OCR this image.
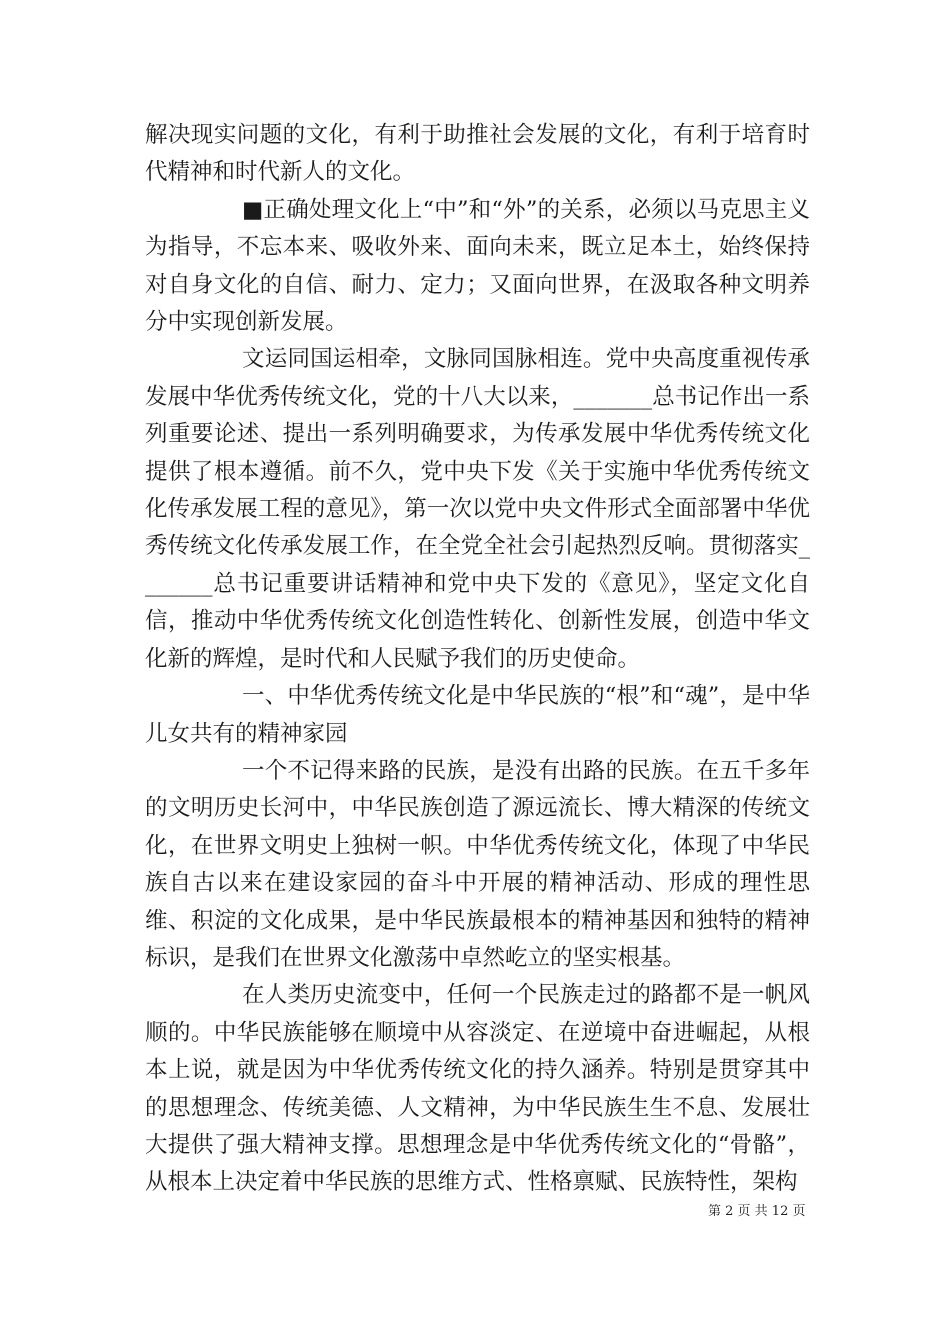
解决现实问题的文化，有利于助推社会发展的文化，有利于培育时代精神和时代新人的文化。

■正确处理文化上“中”和“外”的关系，必须以马克思主义为指导，不忘本来、吸收外来、面向未来，既立足本土，始终保持对自身文化的自信、耐力、定力；又面向世界，在汲取各种文明养分中实现创新发展。

文运同国运相牵，文脉同国脉相连。党中央高度重视传承发展中华优秀传统文化，党的十八大以来，_______总书记作出一系列重要论述、提出一系列明确要求，为传承发展中华优秀传统文化提供了根本遵循。前不久，党中央下发《关于实施中华优秀传统文化传承发展工程的意见》，第一次以党中央文件形式全面部署中华优秀传统文化传承发展工作，在全党全社会引起热烈反响。贯彻落实_______总书记重要讲话精神和党中央下发的《意见》，坚定文化自信，推动中华优秀传统文化创造性转化、创新性发展，创造中华文化新的辉煌，是时代和人民赋予我们的历史使命。

一、中华优秀传统文化是中华民族的“根”和“魂”，是中华儿女共有的精神家园

一个不记得来路的民族，是没有出路的民族。在五千多年的文明历史长河中，中华民族创造了源远流长、博大精深的传统文化，在世界文明史上独树一帜。中华优秀传统文化，体现了中华民族自古以来在建设家园的奋斗中开展的精神活动、形成的理性思维、积淀的文化成果，是中华民族最根本的精神基因和独特的精神标识，是我们在世界文化激荡中卓然屹立的坚实根基。

在人类历史流变中，任何一个民族走过的路都不是一帆风顺的。中华民族能够在顺境中从容淡定、在逆境中奋进崛起，从根本上说，就是因为中华优秀传统文化的持久涵养。特别是贯穿其中的思想理念、传统美德、人文精神，为中华民族生生不息、发展壮大提供了强大精神支撑。思想理念是中华优秀传统文化的“骨骼”，从根本上决定着中华民族的思维方式、性格禀赋、民族特性，架构

第 2 页 共 12 页
